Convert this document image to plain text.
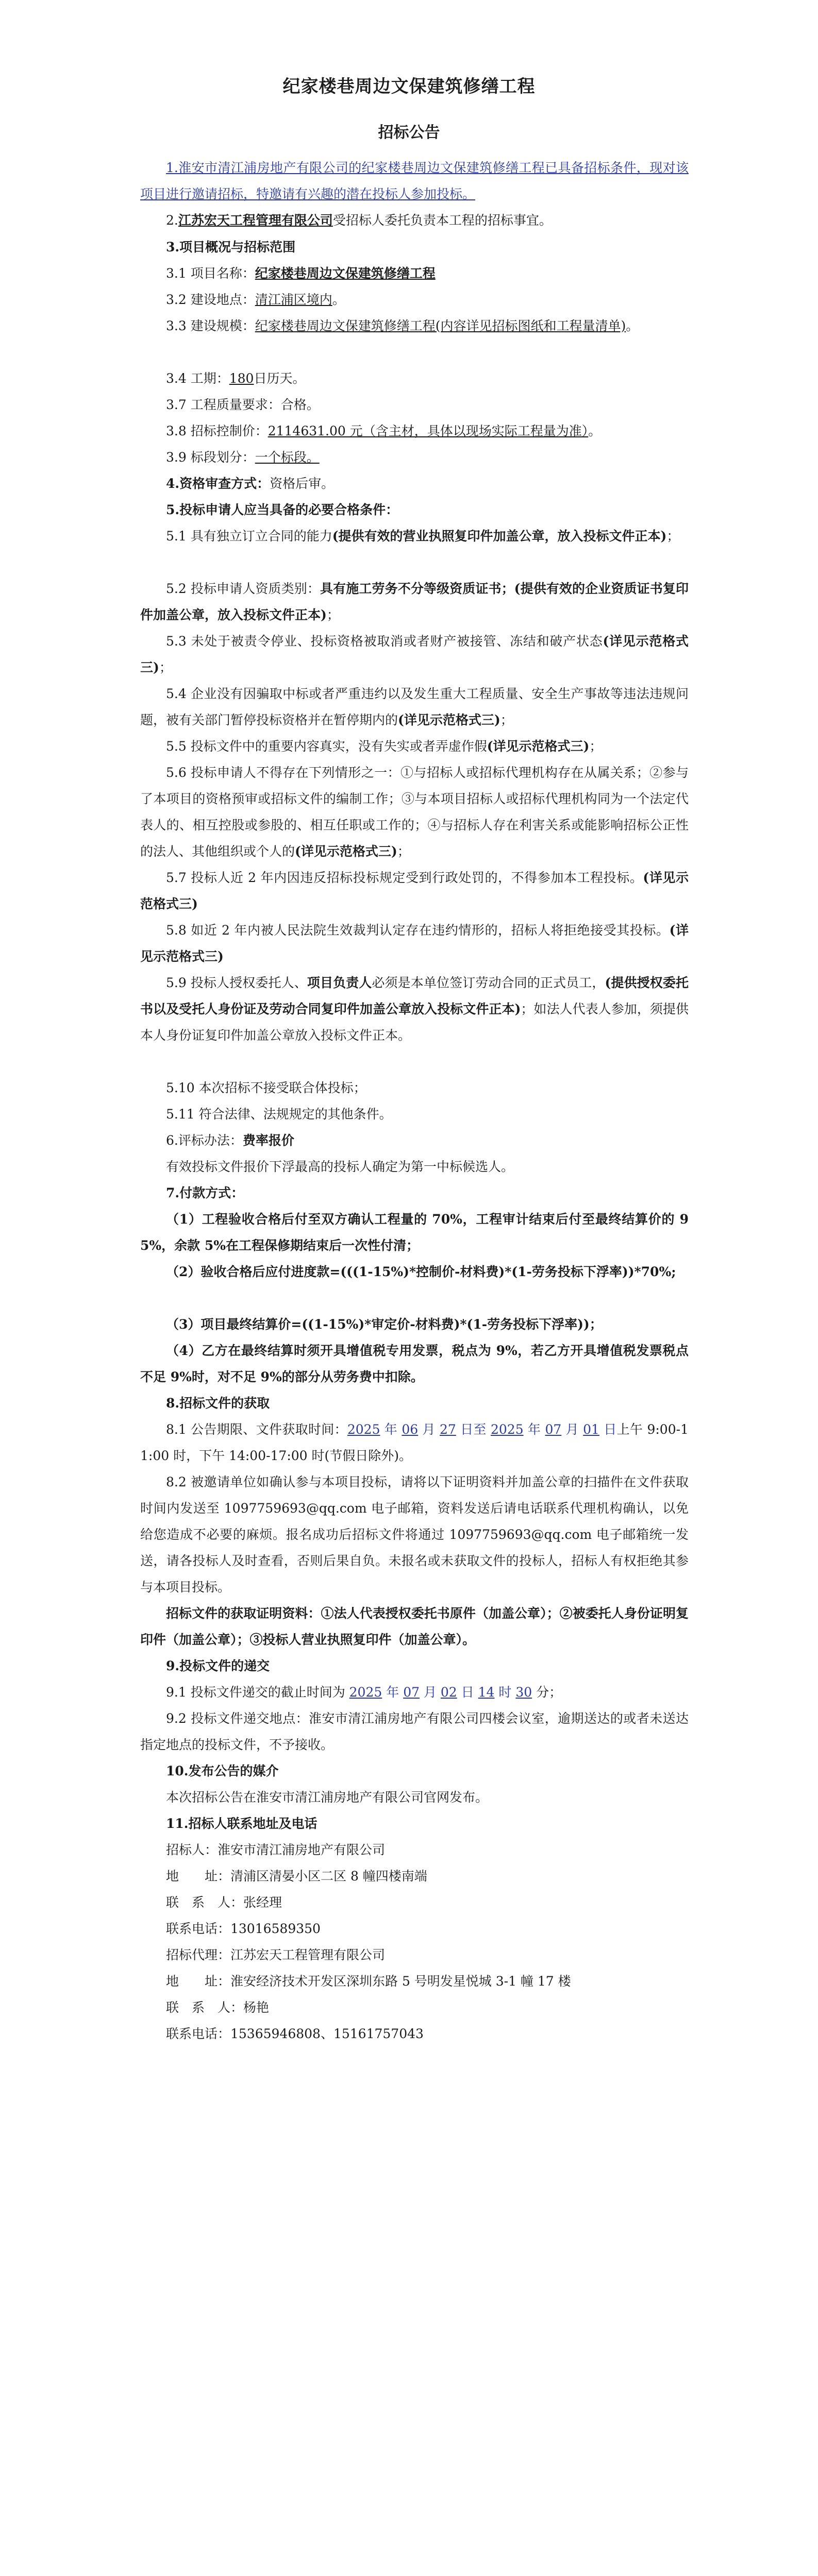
纪家楼巷周边文保建筑修缮工程
招标公告
1.淮安市清江浦房地产有限公司的纪家楼巷周边文保建筑修缮工程已具备招标条件，现对该项目进行邀请招标，特邀请有兴趣的潜在投标人参加投标。
2.江苏宏天工程管理有限公司受招标人委托负责本工程的招标事宜。
3.项目概况与招标范围
3.1 项目名称：纪家楼巷周边文保建筑修缮工程
3.2 建设地点：清江浦区境内。
3.3 建设规模：纪家楼巷周边文保建筑修缮工程(内容详见招标图纸和工程量清单)。
3.4 工期：180日历天。
3.7 工程质量要求：合格。
3.8 招标控制价：2114631.00 元（含主材，具体以现场实际工程量为准）。
3.9 标段划分：一个标段。
4.资格审查方式：资格后审。
5.投标申请人应当具备的必要合格条件：
5.1 具有独立订立合同的能力(提供有效的营业执照复印件加盖公章，放入投标文件正本)；
5.2 投标申请人资质类别：具有施工劳务不分等级资质证书；(提供有效的企业资质证书复印件加盖公章，放入投标文件正本)；
5.3 未处于被责令停业、投标资格被取消或者财产被接管、冻结和破产状态(详见示范格式三)；
5.4 企业没有因骗取中标或者严重违约以及发生重大工程质量、安全生产事故等违法违规问题，被有关部门暂停投标资格并在暂停期内的(详见示范格式三)；
5.5 投标文件中的重要内容真实，没有失实或者弄虚作假(详见示范格式三)；
5.6 投标申请人不得存在下列情形之一：①与招标人或招标代理机构存在从属关系；②参与了本项目的资格预审或招标文件的编制工作；③与本项目招标人或招标代理机构同为一个法定代表人的、相互控股或参股的、相互任职或工作的；④与招标人存在利害关系或能影响招标公正性的法人、其他组织或个人的(详见示范格式三)；
5.7 投标人近 2 年内因违反招标投标规定受到行政处罚的，不得参加本工程投标。(详见示范格式三)
5.8 如近 2 年内被人民法院生效裁判认定存在违约情形的，招标人将拒绝接受其投标。(详见示范格式三)
5.9 投标人授权委托人、项目负责人必须是本单位签订劳动合同的正式员工，(提供授权委托书以及受托人身份证及劳动合同复印件加盖公章放入投标文件正本)；如法人代表人参加，须提供本人身份证复印件加盖公章放入投标文件正本。
5.10 本次招标不接受联合体投标；
5.11 符合法律、法规规定的其他条件。
6.评标办法：费率报价
有效投标文件报价下浮最高的投标人确定为第一中标候选人。
7.付款方式：
（1）工程验收合格后付至双方确认工程量的 70%，工程审计结束后付至最终结算价的 95%，余款 5%在工程保修期结束后一次性付清；
（2）验收合格后应付进度款=(((1-15%)*控制价-材料费)*(1-劳务投标下浮率))*70%;
（3）项目最终结算价=((1-15%)*审定价-材料费)*(1-劳务投标下浮率))；
（4）乙方在最终结算时须开具增值税专用发票，税点为 9%，若乙方开具增值税发票税点不足 9%时，对不足 9%的部分从劳务费中扣除。
8.招标文件的获取
8.1 公告期限、文件获取时间：2025 年 06 月 27 日至 2025 年 07 月 01 日上午 9:00-11:00 时，下午 14:00-17:00 时(节假日除外)。
8.2 被邀请单位如确认参与本项目投标，请将以下证明资料并加盖公章的扫描件在文件获取时间内发送至 1097759693@qq.com 电子邮箱，资料发送后请电话联系代理机构确认，以免给您造成不必要的麻烦。报名成功后招标文件将通过 1097759693@qq.com 电子邮箱统一发送，请各投标人及时查看，否则后果自负。未报名或未获取文件的投标人，招标人有权拒绝其参与本项目投标。
招标文件的获取证明资料：①法人代表授权委托书原件（加盖公章）；②被委托人身份证明复印件（加盖公章）；③投标人营业执照复印件（加盖公章）。
9.投标文件的递交
9.1 投标文件递交的截止时间为 2025 年 07 月 02 日 14 时 30 分；
9.2 投标文件递交地点：淮安市清江浦房地产有限公司四楼会议室，逾期送达的或者未送达指定地点的投标文件，不予接收。
10.发布公告的媒介
本次招标公告在淮安市清江浦房地产有限公司官网发布。
11.招标人联系地址及电话
招标人：淮安市清江浦房地产有限公司
地　　址：清浦区清晏小区二区 8 幢四楼南端
联　系　人：张经理
联系电话：13016589350
招标代理：江苏宏天工程管理有限公司
地　　址：淮安经济技术开发区深圳东路 5 号明发星悦城 3-1 幢 17 楼
联　系　人：杨艳
联系电话：15365946808、15161757043
